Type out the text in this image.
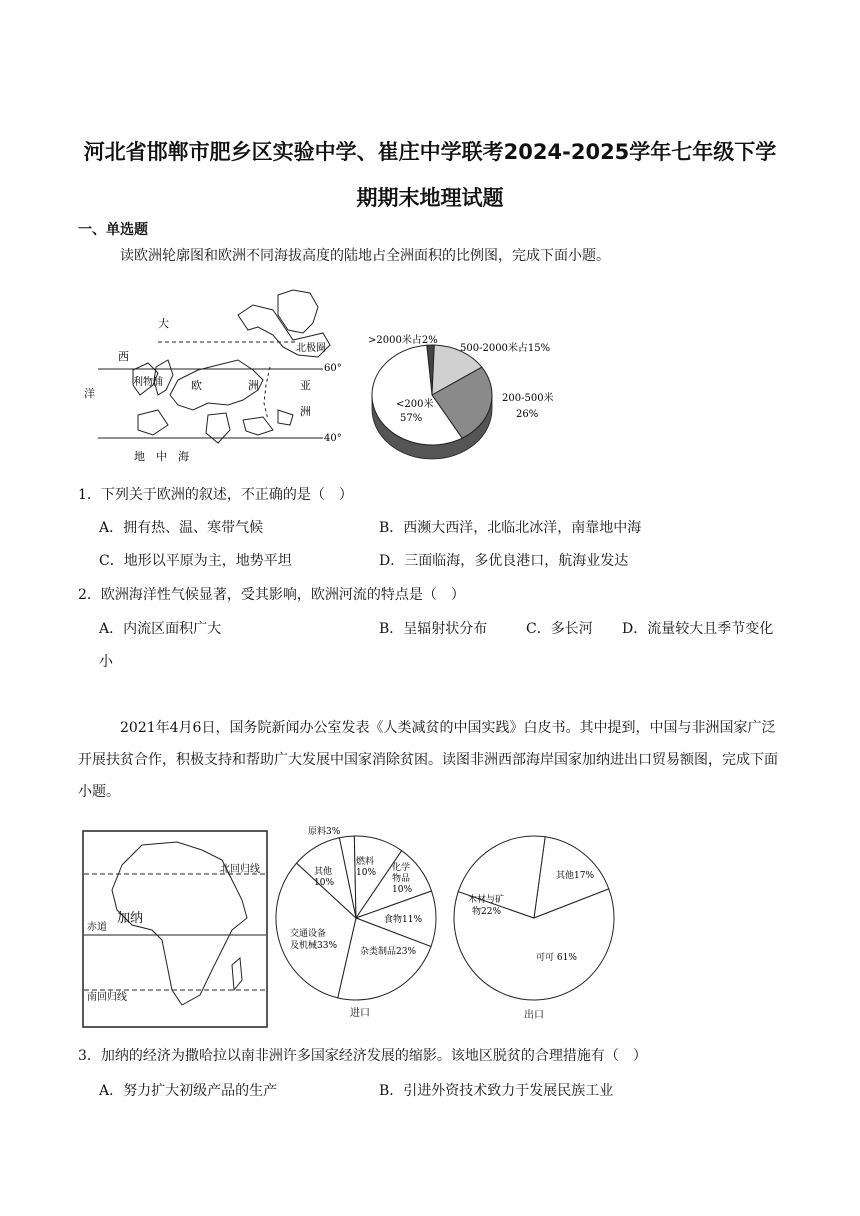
河北省邯郸市肥乡区实验中学、崔庄中学联考2024-2025学年七年级下学
期期末地理试题
一、单选题
读欧洲轮廓图和欧洲不同海拔高度的陆地占全洲面积的比例图，完成下面小题。
大
西
洋
利物浦	欧	洲	亚
洲
地　中　海
北极圈
60°
40°
>2000米占2%
500-2000米占15%
200-500米
26%
<200米
57%
1．下列关于欧洲的叙述，不正确的是（　）
A．拥有热、温、寒带气候	B．西濒大西洋，北临北冰洋，南靠地中海
C．地形以平原为主，地势平坦	D．三面临海，多优良港口，航海业发达
2．欧洲海洋性气候显著，受其影响，欧洲河流的特点是（　）
A．内流区面积广大	B．呈辐射状分布	C．多长河 D．流量较大且季节变化
小
2021年4月6日，国务院新闻办公室发表《人类减贫的中国实践》白皮书。其中提到，中国与非洲国家广泛开展扶贫合作，积极支持和帮助广大发展中国家消除贫困。读图非洲西部海岸国家加纳进出口贸易额图，完成下面小题。
北回归线
赤道
加纳
南回归线
原料3%
燃料
10% 化学
物品
10%
食物11%
杂类制品23%
交通设备
及机械33%
其他
10%
进口
其他17%
木材与矿
物22%
可可 61%
出口
3．加纳的经济为撒哈拉以南非洲许多国家经济发展的缩影。该地区脱贫的合理措施有（　）
A．努力扩大初级产品的生产	B．引进外资技术致力于发展民族工业
